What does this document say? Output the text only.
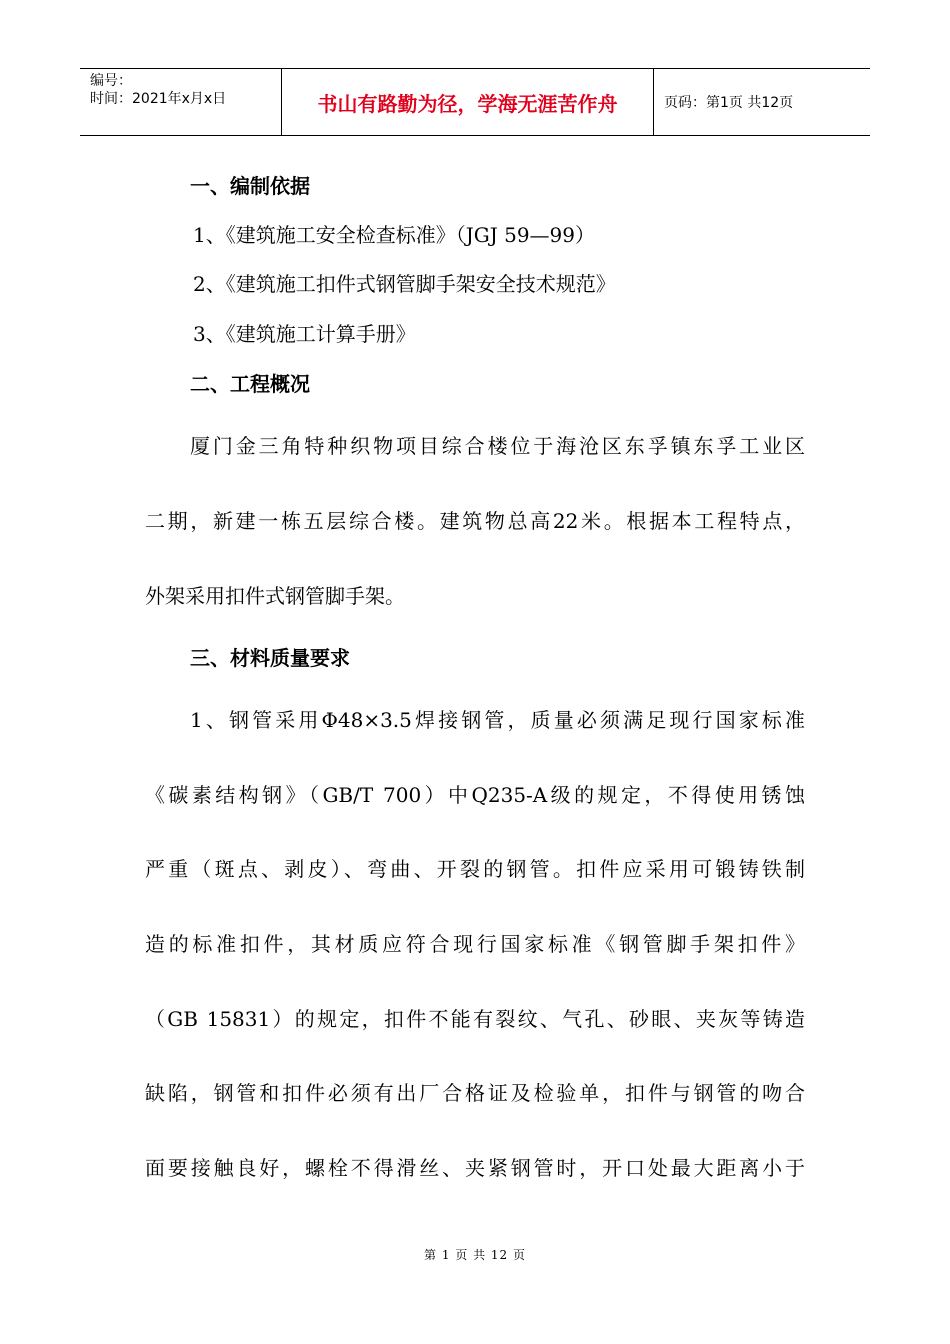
编号：
时间：2021年x月x日	书山有路勤为径，学海无涯苦作舟	页码：第1页 共12页
一、编制依据
1、《建筑施工安全检查标准》（JGJ 59—99）
2、《建筑施工扣件式钢管脚手架安全技术规范》
3、《建筑施工计算手册》
二、工程概况
厦门金三角特种织物项目综合楼位于海沧区东孚镇东孚工业区
二期，新建一栋五层综合楼。建筑物总高22米。根据本工程特点，
外架采用扣件式钢管脚手架。
三、材料质量要求
1、钢管采用Φ48×3.5焊接钢管，质量必须满足现行国家标准
《碳素结构钢》（GB/T 700）中Q235-A级的规定，不得使用锈蚀
严重（斑点、剥皮）、弯曲、开裂的钢管。扣件应采用可锻铸铁制
造的标准扣件，其材质应符合现行国家标准《钢管脚手架扣件》
（GB 15831）的规定，扣件不能有裂纹、气孔、砂眼、夹灰等铸造
缺陷，钢管和扣件必须有出厂合格证及检验单，扣件与钢管的吻合
面要接触良好，螺栓不得滑丝、夹紧钢管时，开口处最大距离小于
第 1 页 共 12 页
